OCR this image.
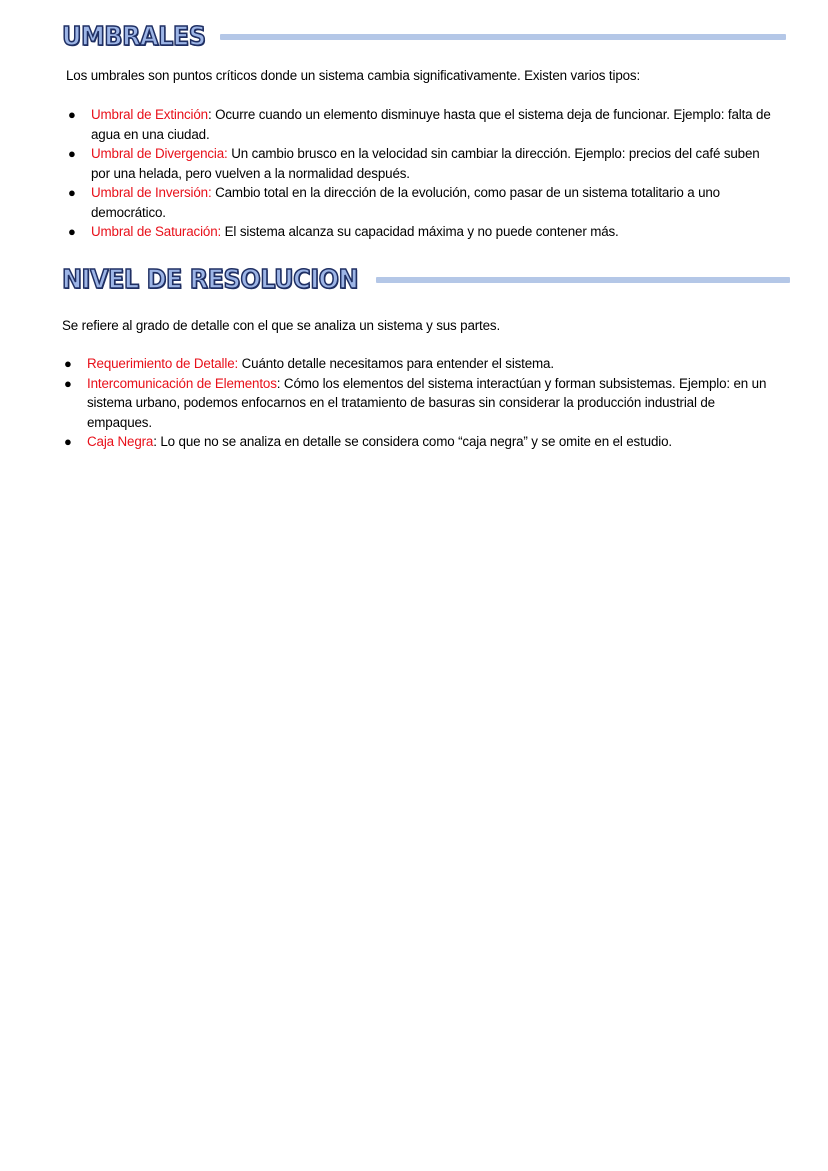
UMBRALES
Los umbrales son puntos críticos donde un sistema cambia significativamente. Existen varios tipos:
● Umbral de Extinción: Ocurre cuando un elemento disminuye hasta que el sistema deja de funcionar. Ejemplo: falta de agua en una ciudad.
● Umbral de Divergencia: Un cambio brusco en la velocidad sin cambiar la dirección. Ejemplo: precios del café suben por una helada, pero vuelven a la normalidad después.
● Umbral de Inversión: Cambio total en la dirección de la evolución, como pasar de un sistema totalitario a uno democrático.
● Umbral de Saturación: El sistema alcanza su capacidad máxima y no puede contener más.
NIVEL DE RESOLUCION
Se refiere al grado de detalle con el que se analiza un sistema y sus partes.
● Requerimiento de Detalle: Cuánto detalle necesitamos para entender el sistema.
● Intercomunicación de Elementos: Cómo los elementos del sistema interactúan y forman subsistemas. Ejemplo: en un sistema urbano, podemos enfocarnos en el tratamiento de basuras sin considerar la producción industrial de empaques.
● Caja Negra: Lo que no se analiza en detalle se considera como “caja negra” y se omite en el estudio.
